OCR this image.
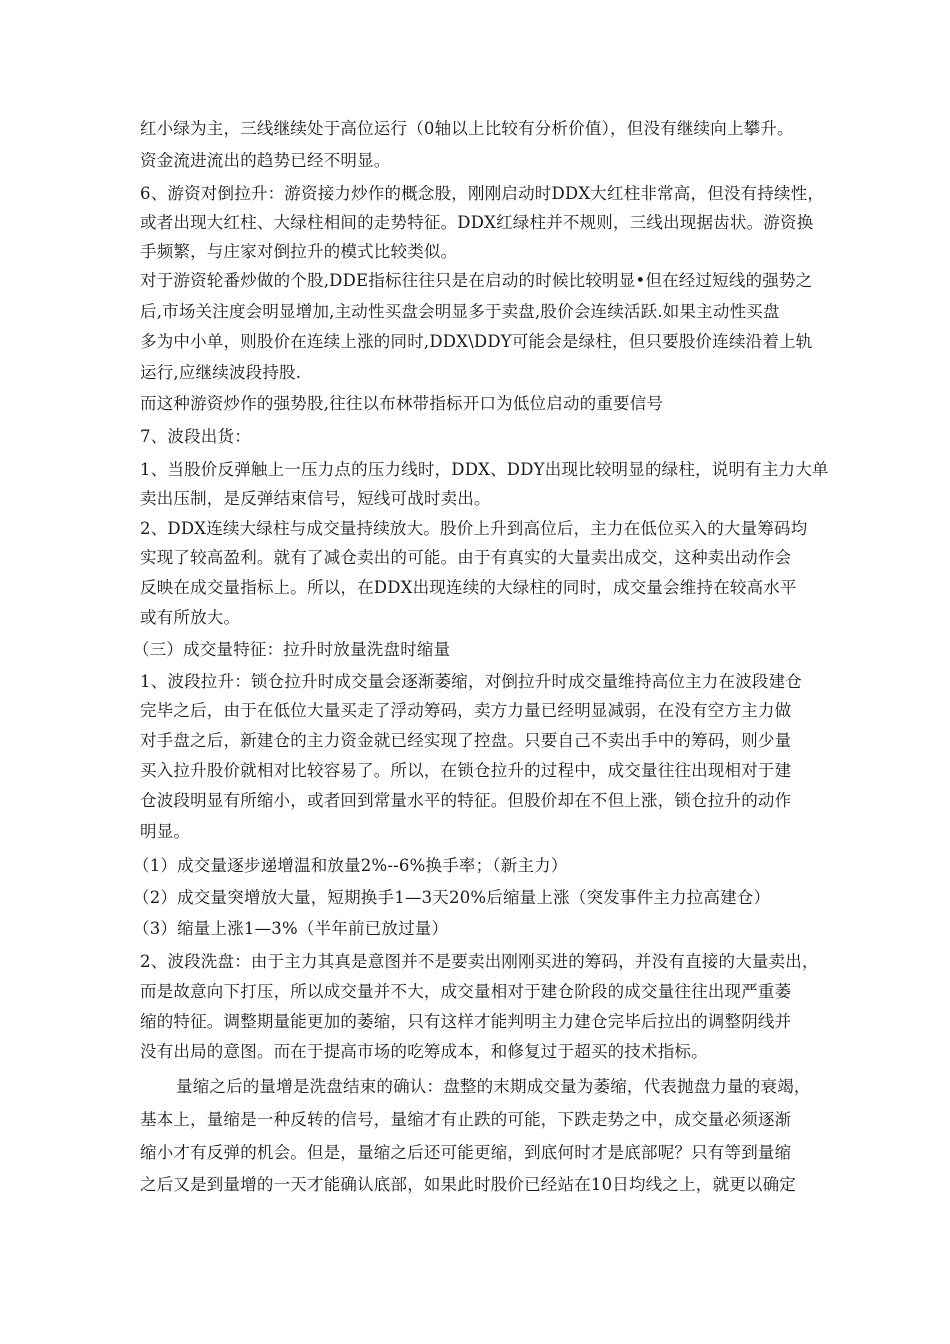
红小绿为主，三线继续处于高位运行（0轴以上比较有分析价值），但没有继续向上攀升。
资金流进流出的趋势已经不明显。
6、游资对倒拉升：游资接力炒作的概念股，刚刚启动时DDX大红柱非常高，但没有持续性，
或者出现大红柱、大绿柱相间的走势特征。DDX红绿柱并不规则，三线出现据齿状。游资换
手频繁，与庄家对倒拉升的模式比较类似。
对于游资轮番炒做的个股,DDE指标往往只是在启动的时候比较明显•但在经过短线的强势之
后,市场关注度会明显增加,主动性买盘会明显多于卖盘,股价会连续活跃.如果主动性买盘
多为中小单，则股价在连续上涨的同时,DDX\DDY可能会是绿柱，但只要股价连续沿着上轨
运行,应继续波段持股.
而这种游资炒作的强势股,往往以布林带指标开口为低位启动的重要信号
7、波段出货：
1、当股价反弹触上一压力点的压力线时，DDX、DDY出现比较明显的绿柱，说明有主力大单
卖出压制，是反弹结束信号，短线可战时卖出。
2、DDX连续大绿柱与成交量持续放大。股价上升到高位后，主力在低位买入的大量筹码均
实现了较高盈利。就有了减仓卖出的可能。由于有真实的大量卖出成交，这种卖出动作会
反映在成交量指标上。所以，在DDX出现连续的大绿柱的同时，成交量会维持在较高水平
或有所放大。
（三）成交量特征：拉升时放量洗盘时缩量
1、波段拉升：锁仓拉升时成交量会逐渐萎缩，对倒拉升时成交量维持高位主力在波段建仓
完毕之后，由于在低位大量买走了浮动筹码，卖方力量已经明显减弱，在没有空方主力做
对手盘之后，新建仓的主力资金就已经实现了控盘。只要自己不卖出手中的筹码，则少量
买入拉升股价就相对比较容易了。所以，在锁仓拉升的过程中，成交量往往出现相对于建
仓波段明显有所缩小，或者回到常量水平的特征。但股价却在不但上涨，锁仓拉升的动作
明显。
（1）成交量逐步递增温和放量2%--6%换手率；（新主力）
（2）成交量突增放大量，短期换手1—3天20%后缩量上涨（突发事件主力拉高建仓）
（3）缩量上涨1—3%（半年前已放过量）
2、波段洗盘：由于主力其真是意图并不是要卖出刚刚买进的筹码，并没有直接的大量卖出，
而是故意向下打压，所以成交量并不大，成交量相对于建仓阶段的成交量往往出现严重萎
缩的特征。调整期量能更加的萎缩，只有这样才能判明主力建仓完毕后拉出的调整阴线并
没有出局的意图。而在于提高市场的吃筹成本，和修复过于超买的技术指标。
量缩之后的量增是洗盘结束的确认：盘整的末期成交量为萎缩，代表抛盘力量的衰竭，
基本上，量缩是一种反转的信号，量缩才有止跌的可能，下跌走势之中，成交量必须逐渐
缩小才有反弹的机会。但是，量缩之后还可能更缩，到底何时才是底部呢？只有等到量缩
之后又是到量增的一天才能确认底部，如果此时股价已经站在10日均线之上，就更以确定
